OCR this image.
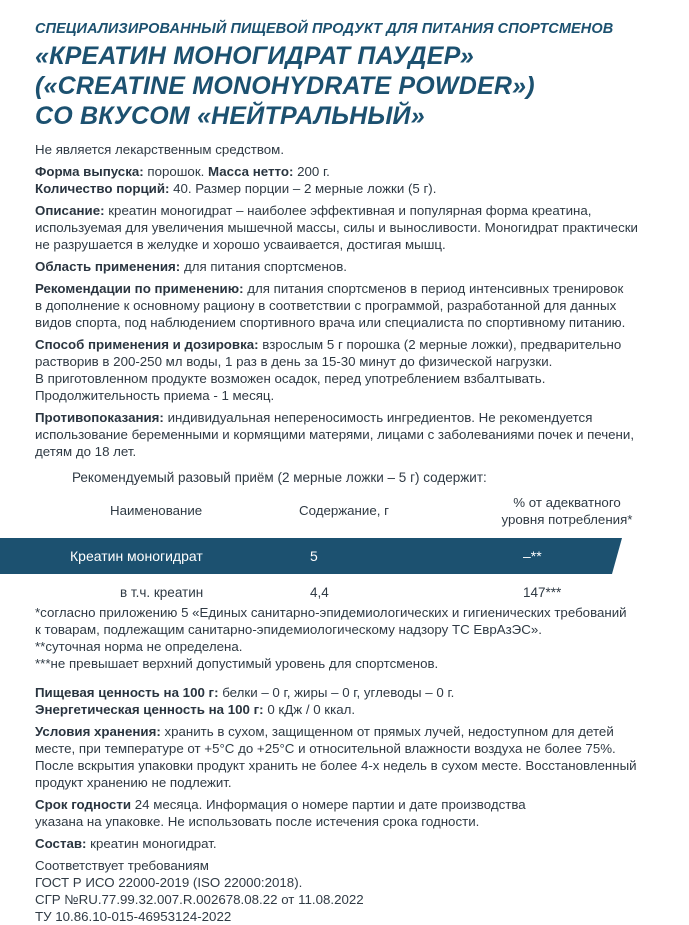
СПЕЦИАЛИЗИРОВАННЫЙ ПИЩЕВОЙ ПРОДУКТ ДЛЯ ПИТАНИЯ СПОРТСМЕНОВ
«КРЕАТИН МОНОГИДРАТ ПАУДЕР»
(«CREATINE MONOHYDRATE POWDER»)
СО ВКУСОМ «НЕЙТРАЛЬНЫЙ»

Не является лекарственным средством.

Форма выпуска: порошок. Масса нетто: 200 г.

Количество порций: 40. Размер порции – 2 мерные ложки (5 г).

Описание: креатин моногидрат – наиболее эффективная и популярная форма креатина,
используемая для увеличения мышечной массы, силы и выносливости. Моногидрат практически
не разрушается в желудке и хорошо усваивается, достигая мышц.

Область применения: для питания спортсменов.

Рекомендации по применению: для питания спортсменов в период интенсивных тренировок
в дополнение к основному рациону в соответствии с программой, разработанной для данных
видов спорта, под наблюдением спортивного врача или специалиста по спортивному питанию.

Способ применения и дозировка: взрослым 5 г порошка (2 мерные ложки), предварительно
растворив в 200-250 мл воды, 1 раз в день за 15-30 минут до физической нагрузки.
В приготовленном продукте возможен осадок, перед употреблением взбалтывать.
Продолжительность приема - 1 месяц.

Противопоказания: индивидуальная непереносимость ингредиентов. Не рекомендуется
использование беременными и кормящими матерями, лицами с заболеваниями почек и печени,
детям до 18 лет.

Рекомендуемый разовый приём (2 мерные ложки – 5 г) содержит:
Наименование	Содержание, г
% от адекватного
уровня потребления*
Креатин моногидрат	5	–**
в т.ч. креатин	4,4	147***
*согласно приложению 5 «Единых санитарно-эпидемиологических и гигиенических требований
к товарам, подлежащим санитарно-эпидемиологическому надзору ТС ЕврАзЭС».
**суточная норма не определена.
***не превышает верхний допустимый уровень для спортсменов.

Пищевая ценность на 100 г: белки – 0 г, жиры – 0 г, углеводы – 0 г.

Энергетическая ценность на 100 г: 0 кДж / 0 ккал.

Условия хранения: хранить в сухом, защищенном от прямых лучей, недоступном для детей
месте, при температуре от +5°С до +25°С и относительной влажности воздуха не более 75%.
После вскрытия упаковки продукт хранить не более 4-х недель в сухом месте. Восстановленный
продукт хранению не подлежит.

Срок годности 24 месяца. Информация о номере партии и дате производства
указана на упаковке. Не использовать после истечения срока годности.

Состав: креатин моногидрат.

Соответствует требованиям
ГОСТ Р ИСО 22000-2019 (ISO 22000:2018).
СГР №RU.77.99.32.007.R.002678.08.22 от 11.08.2022
ТУ 10.86.10-015-46953124-2022
